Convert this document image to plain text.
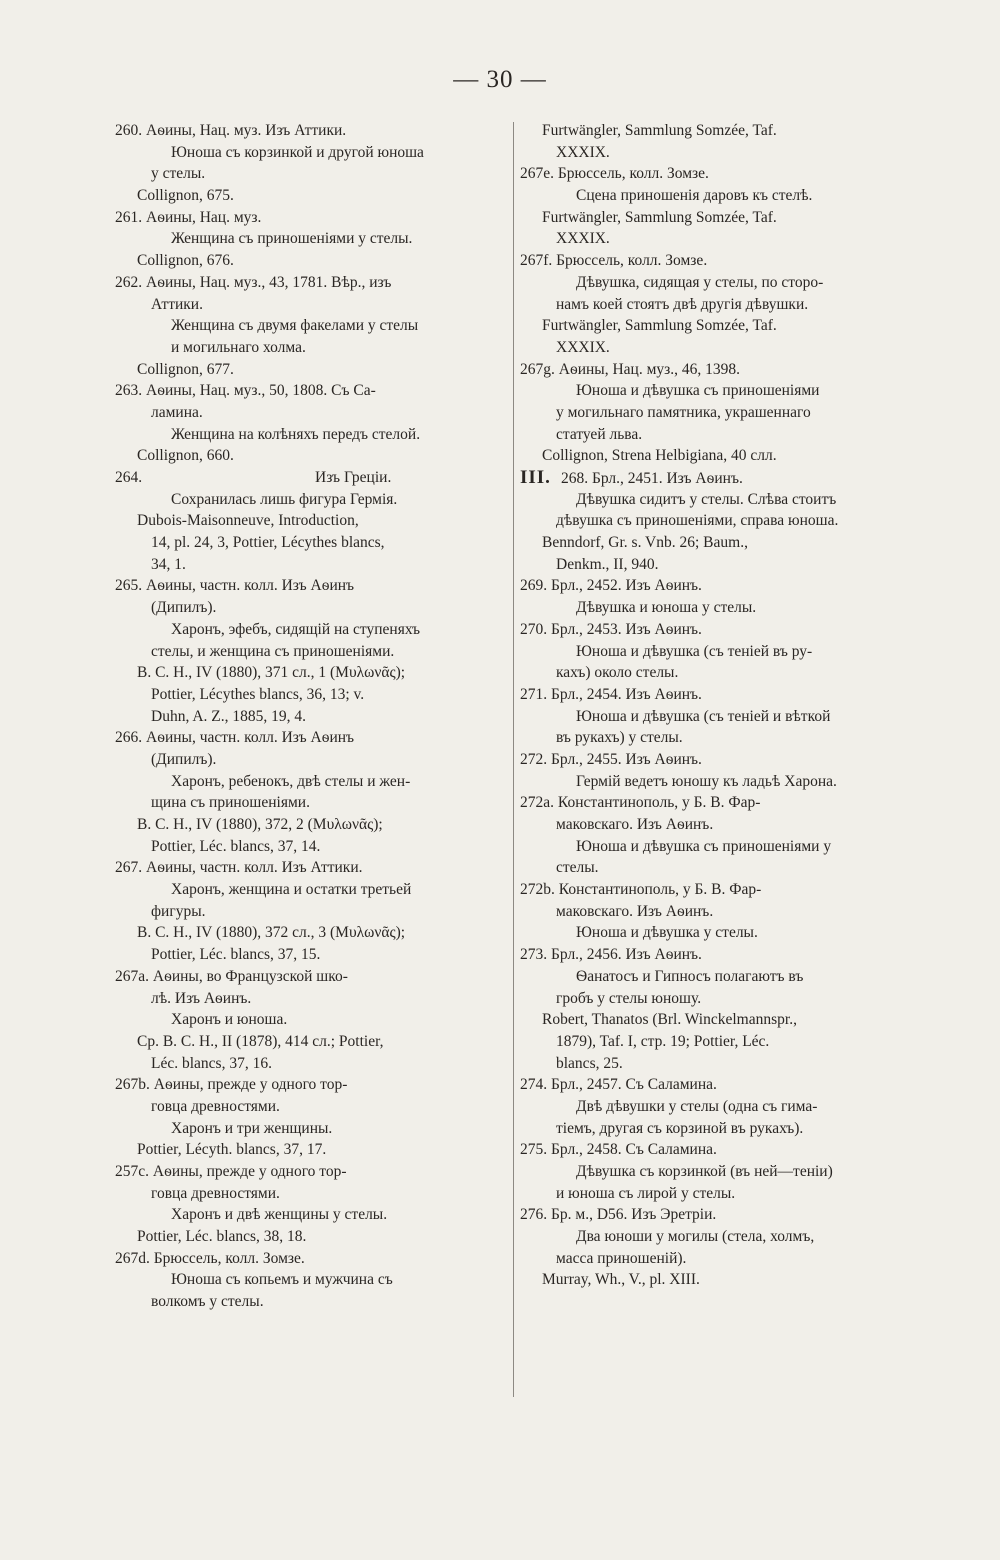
— 30 —
260. Аѳины, Нац. муз. Изъ Аттики.
Юноша съ корзинкой и другой юноша
у стелы.
Collignon, 675.
261. Аѳины, Нац. муз.
Женщина съ приношеніями у стелы.
Collignon, 676.
262. Аѳины, Нац. муз., 43, 1781. Вѣр., изъ
Аттики.
Женщина съ двумя факелами у стелы
и могильнаго холма.
Collignon, 677.
263. Аѳины, Нац. муз., 50, 1808. Съ Са-
ламина.
Женщина на колѣняхъ передъ стелой.
Collignon, 660.
264.	Изъ Греціи.
Сохранилась лишь фигура Гермія.
Dubois-Maisonneuve, Introduction,
14, pl. 24, 3, Pottier, Lécythes blancs,
34, 1.
265. Аѳины, частн. колл. Изъ Аѳинъ
(Дипилъ).
Харонъ, эфебъ, сидящій на ступеняхъ
стелы, и женщина съ приношеніями.
B. C. H., IV (1880), 371 сл., 1 (Μυλωνᾶς);
Pottier, Lécythes blancs, 36, 13; v.
Duhn, A. Z., 1885, 19, 4.
266. Аѳины, частн. колл. Изъ Аѳинъ
(Дипилъ).
Харонъ, ребенокъ, двѣ стелы и жен-
щина съ приношеніями.
B. C. H., IV (1880), 372, 2 (Μυλωνᾶς);
Pottier, Léc. blancs, 37, 14.
267. Аѳины, частн. колл. Изъ Аттики.
Харонъ, женщина и остатки третьей
фигуры.
B. C. H., IV (1880), 372 сл., 3 (Μυλωνᾶς);
Pottier, Léc. blancs, 37, 15.
267a. Аѳины, во Французской шко-
лѣ. Изъ Аѳинъ.
Харонъ и юноша.
Ср. B. C. H., II (1878), 414 сл.; Pottier,
Léc. blancs, 37, 16.
267b. Аѳины, прежде у одного тор-
говца древностями.
Харонъ и три женщины.
Pottier, Lécyth. blancs, 37, 17.
257c. Аѳины, прежде у одного тор-
говца древностями.
Харонъ и двѣ женщины у стелы.
Pottier, Léc. blancs, 38, 18.
267d. Брюссель, колл. Зомзе.
Юноша съ копьемъ и мужчина съ
волкомъ у стелы.
Furtwängler, Sammlung Somzée, Taf.
XXXIX.
267e. Брюссель, колл. Зомзе.
Сцена приношенія даровъ къ стелѣ.
Furtwängler, Sammlung Somzée, Taf.
XXXIX.
267f. Брюссель, колл. Зомзе.
Дѣвушка, сидящая у стелы, по сторо-
намъ коей стоятъ двѣ другія дѣвушки.
Furtwängler, Sammlung Somzée, Taf.
XXXIX.
267g. Аѳины, Нац. муз., 46, 1398.
Юноша и дѣвушка съ приношеніями
у могильнаго памятника, украшеннаго
статуей льва.
Collignon, Strena Helbigiana, 40 слл.
III. 268. Брл., 2451. Изъ Аѳинъ.
Дѣвушка сидитъ у стелы. Слѣва стоитъ
дѣвушка съ приношеніями, справа юноша.
Benndorf, Gr. s. Vnb. 26; Baum.,
Denkm., II, 940.
269. Брл., 2452. Изъ Аѳинъ.
Дѣвушка и юноша у стелы.
270. Брл., 2453. Изъ Аѳинъ.
Юноша и дѣвушка (съ теніей въ ру-
кахъ) около стелы.
271. Брл., 2454. Изъ Аѳинъ.
Юноша и дѣвушка (съ теніей и вѣткой
въ рукахъ) у стелы.
272. Брл., 2455. Изъ Аѳинъ.
Гермій ведетъ юношу къ ладьѣ Харона.
272a. Константинополь, у Б. В. Фар-
маковскаго. Изъ Аѳинъ.
Юноша и дѣвушка съ приношеніями у
стелы.
272b. Константинополь, у Б. В. Фар-
маковскаго. Изъ Аѳинъ.
Юноша и дѣвушка у стелы.
273. Брл., 2456. Изъ Аѳинъ.
Ѳанатосъ и Гипносъ полагаютъ въ
гробъ у стелы юношу.
Robert, Thanatos (Brl. Winckelmannspr.,
1879), Taf. I, стр. 19; Pottier, Léc.
blancs, 25.
274. Брл., 2457. Съ Саламина.
Двѣ дѣвушки у стелы (одна съ гима-
тіемъ, другая съ корзиной въ рукахъ).
275. Брл., 2458. Съ Саламина.
Дѣвушка съ корзинкой (въ ней—теніи)
и юноша съ лирой у стелы.
276. Бр. м., D56. Изъ Эретріи.
Два юноши у могилы (стела, холмъ,
масса приношеній).
Murray, Wh., V., pl. XIII.
